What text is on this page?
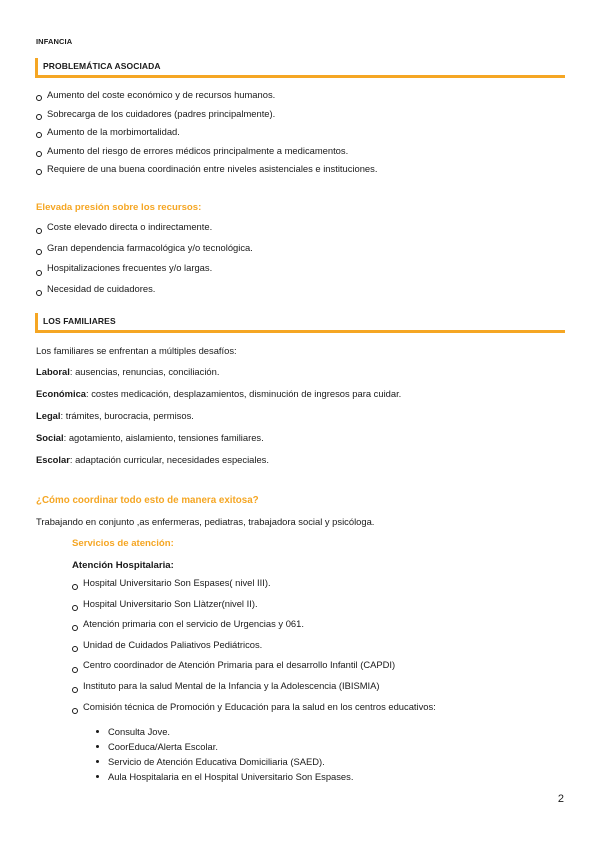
INFANCIA
PROBLEMÁTICA ASOCIADA
Aumento del coste económico y de recursos humanos.
Sobrecarga de los cuidadores (padres principalmente).
Aumento de la morbimortalidad.
Aumento del riesgo de errores médicos principalmente a medicamentos.
Requiere de una buena coordinación entre niveles asistenciales e instituciones.
Elevada presión sobre los recursos:
Coste elevado directa o indirectamente.
Gran dependencia farmacológica y/o tecnológica.
Hospitalizaciones frecuentes y/o largas.
Necesidad de cuidadores.
LOS FAMILIARES
Los familiares se enfrentan a múltiples desafíos:
Laboral: ausencias, renuncias, conciliación.
Económica: costes medicación, desplazamientos, disminución de ingresos para cuidar.
Legal: trámites, burocracia, permisos.
Social: agotamiento, aislamiento, tensiones familiares.
Escolar: adaptación curricular, necesidades especiales.
¿Cómo coordinar todo esto de manera exitosa?
Trabajando en conjunto ,as enfermeras, pediatras, trabajadora social y psicóloga.
Servicios de atención:
Atención Hospitalaria:
Hospital Universitario Son Espases( nivel III).
Hospital Universitario Son Llàtzer(nivel II).
Atención primaria con el servicio de Urgencias y 061.
Unidad de Cuidados Paliativos Pediátricos.
Centro coordinador de Atención Primaria para el desarrollo Infantil (CAPDI)
Instituto para la salud Mental de la Infancia y la Adolescencia (IBISMIA)
Comisión técnica de Promoción y Educación para la salud en los centros educativos:
Consulta Jove.
CoorEduca/Alerta Escolar.
Servicio de Atención Educativa Domiciliaria (SAED).
Aula Hospitalaria en el Hospital Universitario Son Espases.
2
